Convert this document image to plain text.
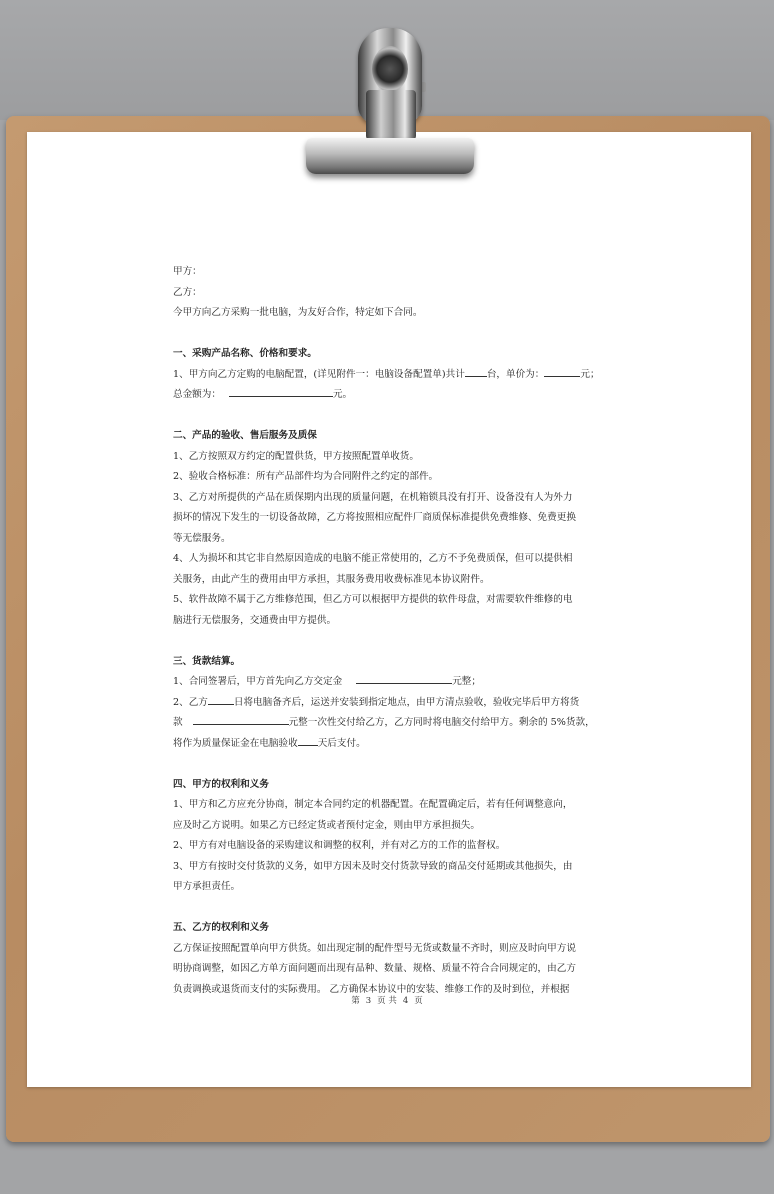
甲方：

乙方：

今甲方向乙方采购一批电脑，为友好合作，特定如下合同。

一、采购产品名称、价格和要求。

1、甲方向乙方定购的电脑配置，(详见附件一：电脑设备配置单)共计 台，单价为：	元；

总金额为：	元。

二、产品的验收、售后服务及质保

1、乙方按照双方约定的配置供货，甲方按照配置单收货。

2、验收合格标准：所有产品部件均为合同附件之约定的部件。

3、乙方对所提供的产品在质保期内出现的质量问题，在机箱锁具没有打开、设备没有人为外力

损坏的情况下发生的一切设备故障，乙方将按照相应配件厂商质保标准提供免费维修、免费更换

等无偿服务。

4、人为损坏和其它非自然原因造成的电脑不能正常使用的，乙方不予免费质保，但可以提供相

关服务，由此产生的费用由甲方承担，其服务费用收费标准见本协议附件。

5、软件故障不属于乙方维修范围，但乙方可以根据甲方提供的软件母盘，对需要软件维修的电

脑进行无偿服务，交通费由甲方提供。

三、货款结算。

1、合同签署后，甲方首先向乙方交定金	元整；

2、乙方	日将电脑备齐后，运送并安装到指定地点，由甲方清点验收，验收完毕后甲方将货

款	元整一次性交付给乙方，乙方同时将电脑交付给甲方。剩余的 5%货款，

将作为质量保证金在电脑验收 天后支付。

四、甲方的权利和义务

1、甲方和乙方应充分协商，制定本合同约定的机器配置。在配置确定后，若有任何调整意向，

应及时乙方说明。如果乙方已经定货或者预付定金，则由甲方承担损失。

2、甲方有对电脑设备的采购建议和调整的权利，并有对乙方的工作的监督权。

3、甲方有按时交付货款的义务，如甲方因未及时交付货款导致的商品交付延期或其他损失，由

甲方承担责任。

五、乙方的权利和义务

乙方保证按照配置单向甲方供货。如出现定制的配件型号无货或数量不齐时，则应及时向甲方说

明协商调整，如因乙方单方面问题而出现有品种、数量、规格、质量不符合合同规定的，由乙方

负责调换或退货而支付的实际费用。 乙方确保本协议中的安装、维修工作的及时到位，并根据

第 3 页 共 4 页
